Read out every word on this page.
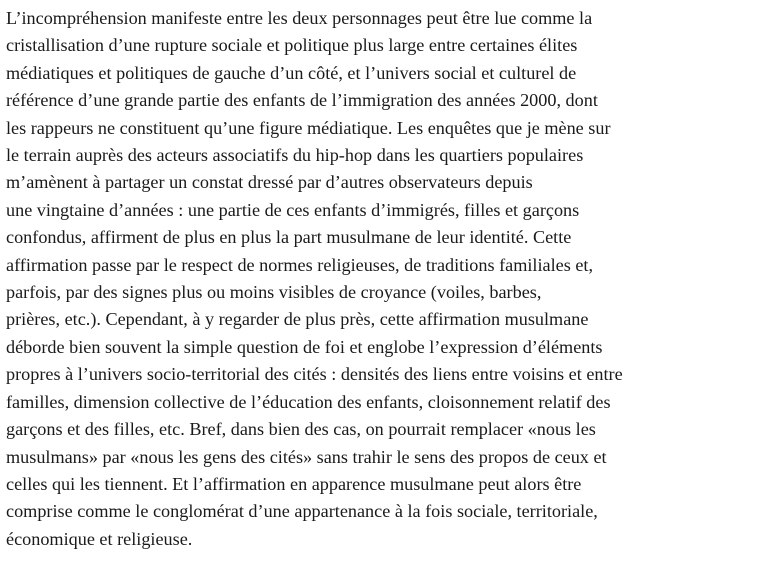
L’incompréhension manifeste entre les deux personnages peut être lue comme la
cristallisation d’une rupture sociale et politique plus large entre certaines élites
médiatiques et politiques de gauche d’un côté, et l’univers social et culturel de
référence d’une grande partie des enfants de l’immigration des années 2000, dont
les rappeurs ne constituent qu’une figure médiatique. Les enquêtes que je mène sur
le terrain auprès des acteurs associatifs du hip-hop dans les quartiers populaires
m’amènent à partager un constat dressé par d’autres observateurs depuis
une vingtaine d’années : une partie de ces enfants d’immigrés, filles et garçons
confondus, affirment de plus en plus la part musulmane de leur identité. Cette
affirmation passe par le respect de normes religieuses, de traditions familiales et,
parfois, par des signes plus ou moins visibles de croyance (voiles, barbes,
prières, etc.). Cependant, à y regarder de plus près, cette affirmation musulmane
déborde bien souvent la simple question de foi et englobe l’expression d’éléments
propres à l’univers socio-territorial des cités : densités des liens entre voisins et entre
familles, dimension collective de l’éducation des enfants, cloisonnement relatif des
garçons et des filles, etc. Bref, dans bien des cas, on pourrait remplacer «nous les
musulmans» par «nous les gens des cités» sans trahir le sens des propos de ceux et
celles qui les tiennent. Et l’affirmation en apparence musulmane peut alors être
comprise comme le conglomérat d’une appartenance à la fois sociale, territoriale,
économique et religieuse.
